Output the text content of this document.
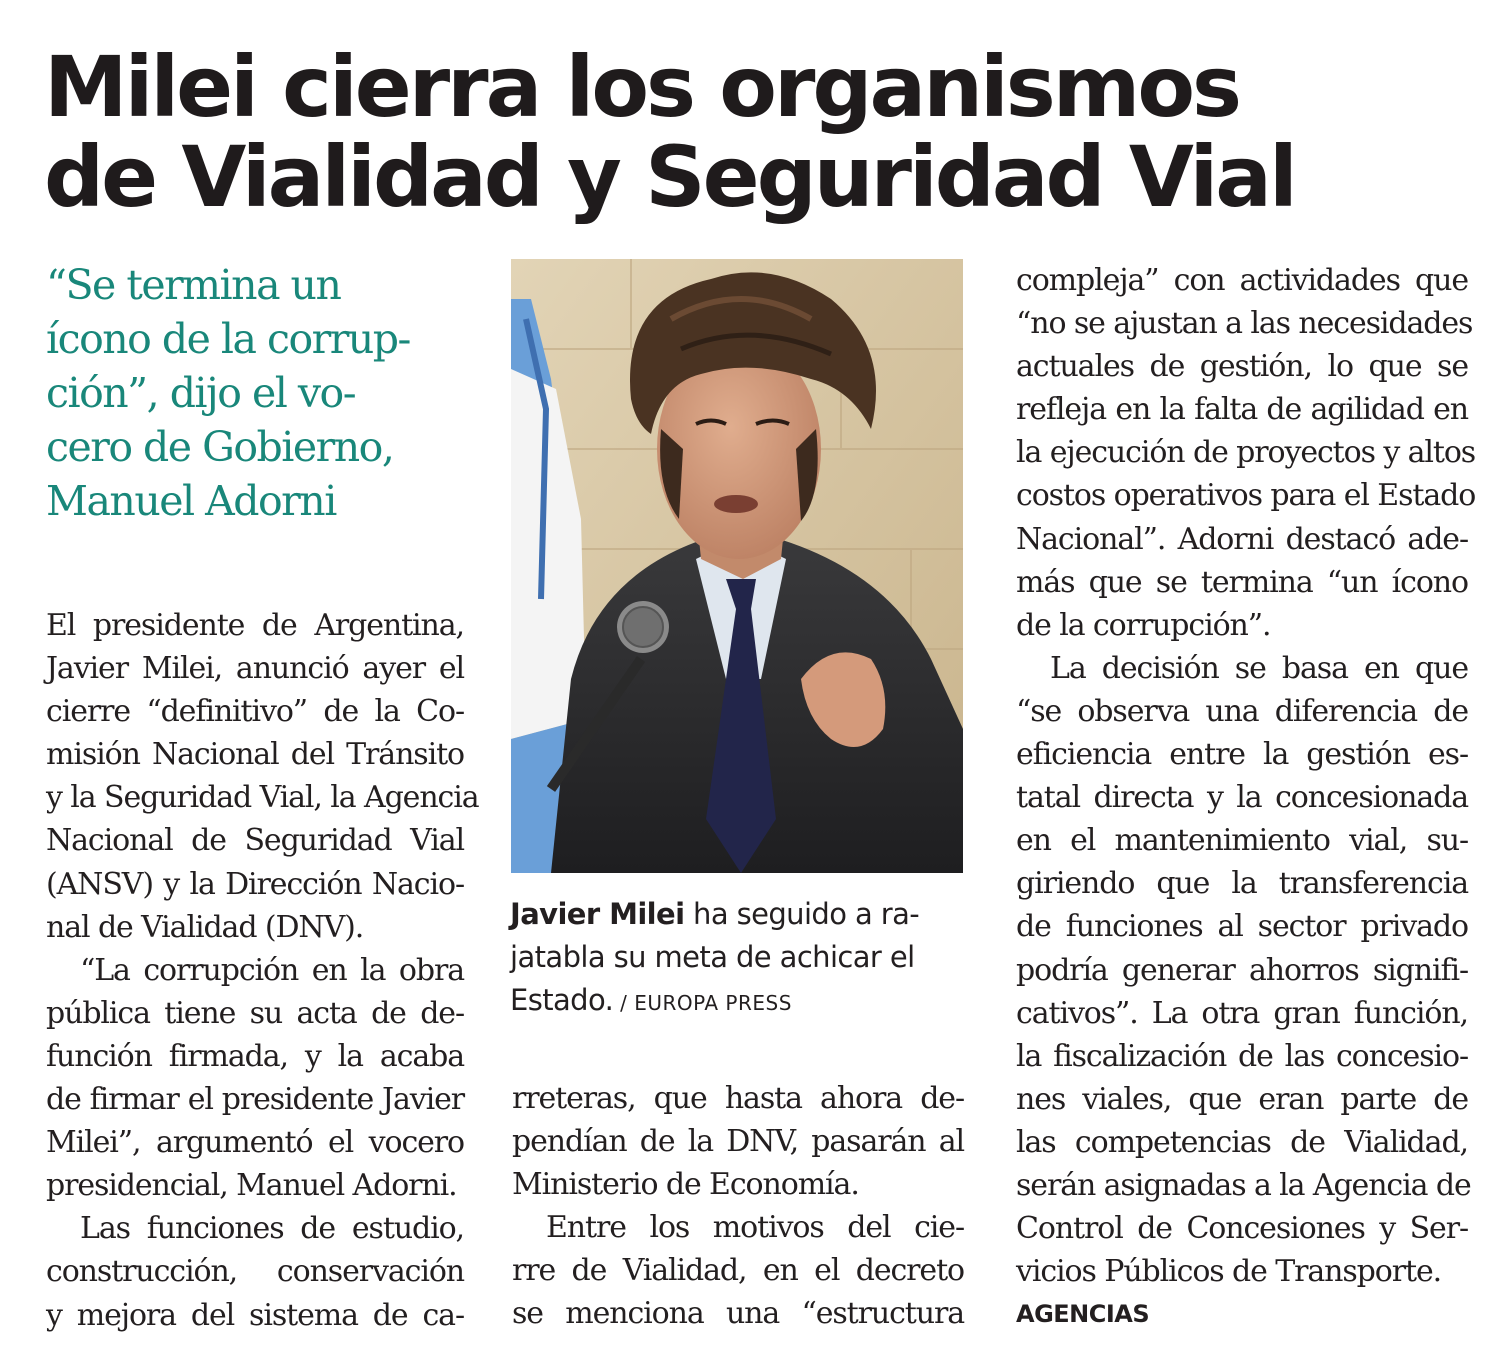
Milei cierra los organismos
de Vialidad y Seguridad Vial
“Se termina un
ícono de la corrup-
ción”, dijo el vo-
cero de Gobierno,
Manuel Adorni
El presidente de Argentina,
Javier Milei, anunció ayer el
cierre “definitivo” de la Co-
misión Nacional del Tránsito
y la Seguridad Vial, la Agencia
Nacional de Seguridad Vial
(ANSV) y la Dirección Nacio-
nal de Vialidad (DNV).
“La corrupción en la obra
pública tiene su acta de de-
función firmada, y la acaba
de firmar el presidente Javier
Milei”, argumentó el vocero
presidencial, Manuel Adorni.
Las funciones de estudio,
construcción, conservación
y mejora del sistema de ca-
Javier Milei ha seguido a ra-
jatabla su meta de achicar el
Estado. / EUROPA PRESS
rreteras, que hasta ahora de-
pendían de la DNV, pasarán al
Ministerio de Economía.
Entre los motivos del cie-
rre de Vialidad, en el decreto
se menciona una “estructura
compleja” con actividades que
“no se ajustan a las necesidades
actuales de gestión, lo que se
refleja en la falta de agilidad en
la ejecución de proyectos y altos
costos operativos para el Estado
Nacional”. Adorni destacó ade-
más que se termina “un ícono
de la corrupción”.
La decisión se basa en que
“se observa una diferencia de
eficiencia entre la gestión es-
tatal directa y la concesionada
en el mantenimiento vial, su-
giriendo que la transferencia
de funciones al sector privado
podría generar ahorros signifi-
cativos”. La otra gran función,
la fiscalización de las concesio-
nes viales, que eran parte de
las competencias de Vialidad,
serán asignadas a la Agencia de
Control de Concesiones y Ser-
vicios Públicos de Transporte.
AGENCIAS
